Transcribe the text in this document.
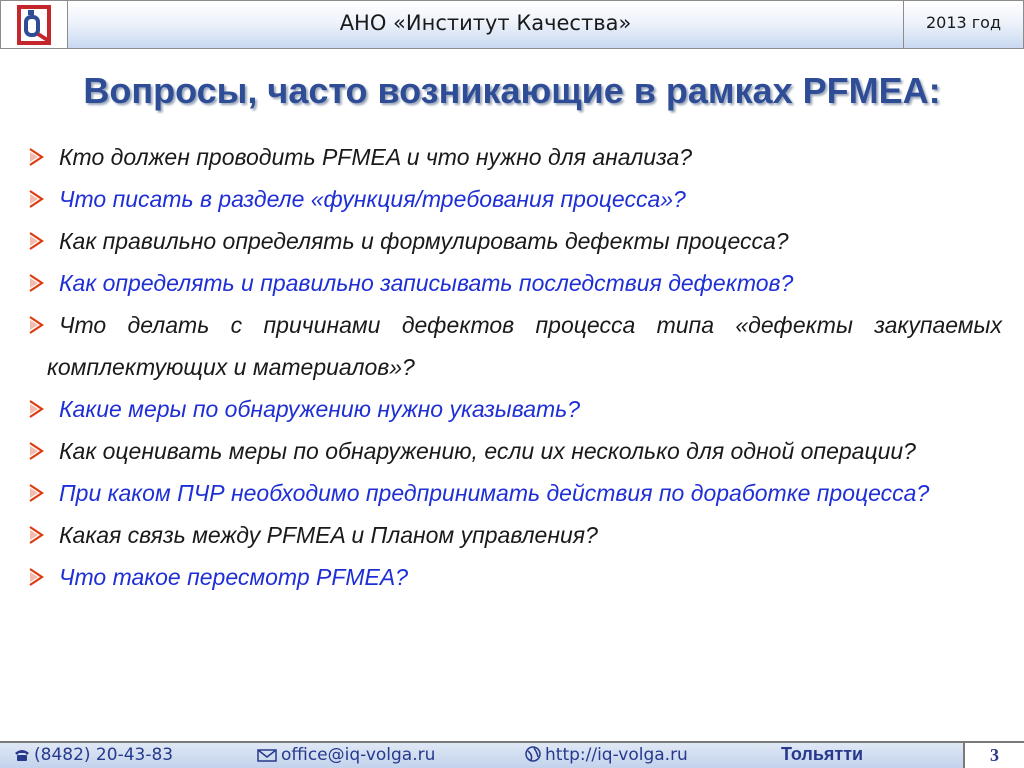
АНО «Институт Качества»	2013 год
Вопросы, часто возникающие в рамках PFMEA:
Кто должен проводить PFMEA и что нужно для анализа?
Что писать в разделе «функция/требования процесса»?
Как правильно определять и формулировать дефекты процесса?
Как определять и правильно записывать последствия дефектов?
Что делать с причинами дефектов процесса типа «дефекты закупаемых комплектующих и материалов»?
Какие меры по обнаружению нужно указывать?
Как оценивать меры по обнаружению, если их несколько для одной операции?
При каком ПЧР необходимо предпринимать действия по доработке процесса?
Какая связь между PFMEA и Планом управления?
Что такое пересмотр PFMEA?
(8482) 20-43-83	office@iq-volga.ru	http://iq-volga.ru	Тольятти	3
